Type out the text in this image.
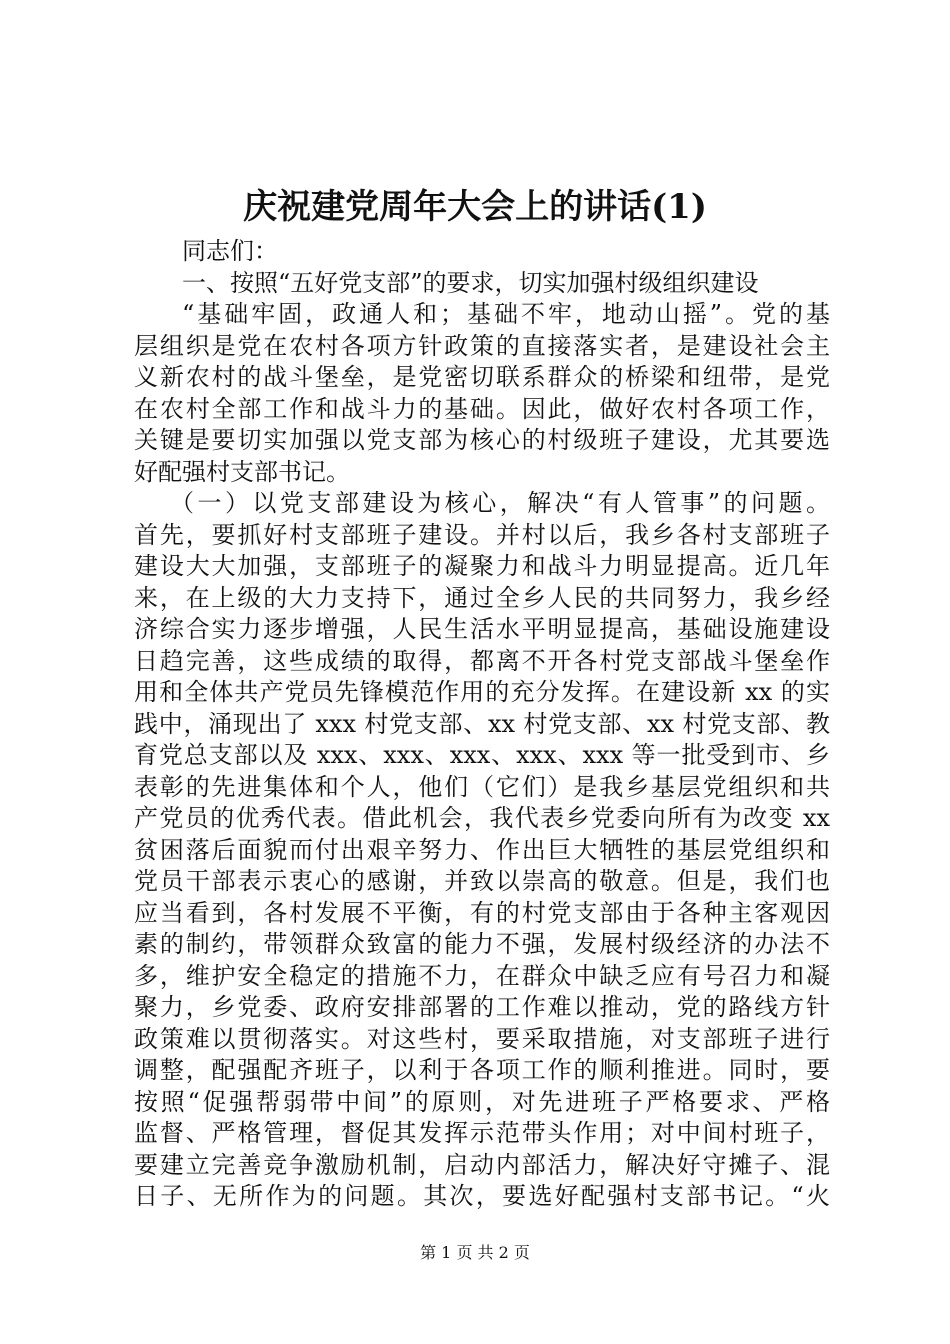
庆祝建党周年大会上的讲话(1)
同志们：
一、按照“五好党支部”的要求，切实加强村级组织建设
“基础牢固，政通人和；基础不牢，地动山摇”。党的基
层组织是党在农村各项方针政策的直接落实者，是建设社会主
义新农村的战斗堡垒，是党密切联系群众的桥梁和纽带，是党
在农村全部工作和战斗力的基础。因此，做好农村各项工作，
关键是要切实加强以党支部为核心的村级班子建设，尤其要选
好配强村支部书记。
（一）以党支部建设为核心，解决“有人管事”的问题。
首先，要抓好村支部班子建设。并村以后，我乡各村支部班子
建设大大加强，支部班子的凝聚力和战斗力明显提高。近几年
来，在上级的大力支持下，通过全乡人民的共同努力，我乡经
济综合实力逐步增强，人民生活水平明显提高，基础设施建设
日趋完善，这些成绩的取得，都离不开各村党支部战斗堡垒作
用和全体共产党员先锋模范作用的充分发挥。在建设新 xx 的实
践中，涌现出了 xxx 村党支部、xx 村党支部、xx 村党支部、教
育党总支部以及 xxx、xxx、xxx、xxx、xxx 等一批受到市、乡
表彰的先进集体和个人，他们（它们）是我乡基层党组织和共
产党员的优秀代表。借此机会，我代表乡党委向所有为改变 xx
贫困落后面貌而付出艰辛努力、作出巨大牺牲的基层党组织和
党员干部表示衷心的感谢，并致以崇高的敬意。但是，我们也
应当看到，各村发展不平衡，有的村党支部由于各种主客观因
素的制约，带领群众致富的能力不强，发展村级经济的办法不
多，维护安全稳定的措施不力，在群众中缺乏应有号召力和凝
聚力，乡党委、政府安排部署的工作难以推动，党的路线方针
政策难以贯彻落实。对这些村，要采取措施，对支部班子进行
调整，配强配齐班子，以利于各项工作的顺利推进。同时，要
按照“促强帮弱带中间”的原则，对先进班子严格要求、严格
监督、严格管理，督促其发挥示范带头作用；对中间村班子，
要建立完善竞争激励机制，启动内部活力，解决好守摊子、混
日子、无所作为的问题。其次，要选好配强村支部书记。“火
第 1 页 共 2 页
